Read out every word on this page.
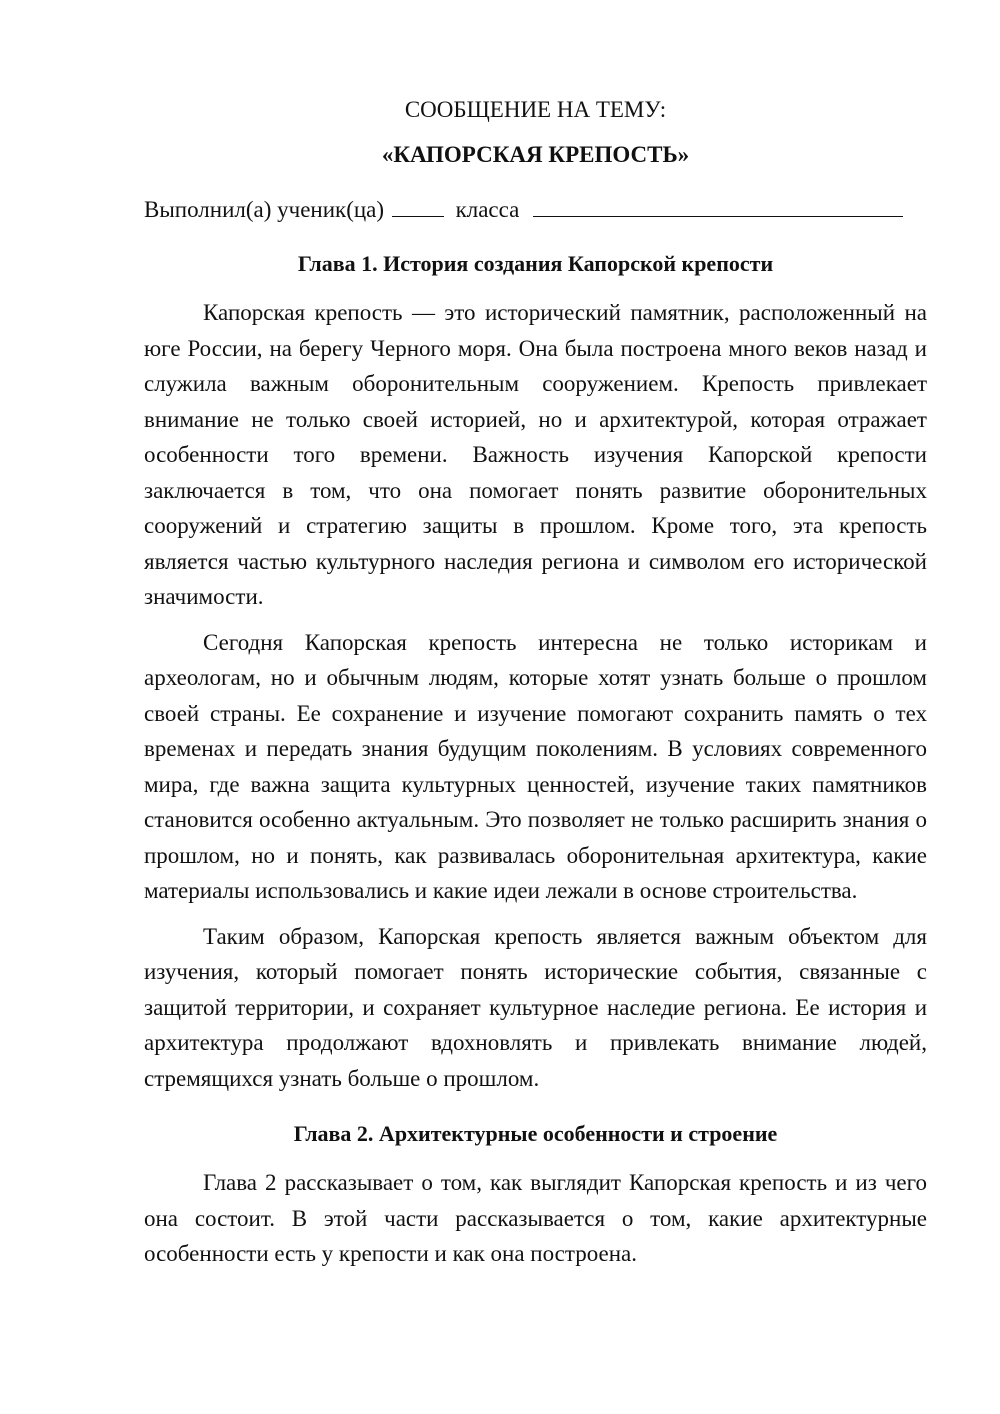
СООБЩЕНИЕ НА ТЕМУ:
«КАПОРСКАЯ КРЕПОСТЬ»
Выполнил(а) ученик(ца)	класса
Глава 1. История создания Капорской крепости

Капорская крепость — это исторический памятник, расположенный на юге России, на берегу Черного моря. Она была построена много веков назад и служила важным оборонительным сооружением. Крепость привлекает внимание не только своей историей, но и архитектурой, которая отражает особенности того времени. Важность изучения Капорской крепости заключается в том, что она помогает понять развитие оборонительных сооружений и стратегию защиты в прошлом. Кроме того, эта крепость является частью культурного наследия региона и символом его исторической значимости.

Сегодня Капорская крепость интересна не только историкам и археологам, но и обычным людям, которые хотят узнать больше о прошлом своей страны. Ее сохранение и изучение помогают сохранить память о тех временах и передать знания будущим поколениям. В условиях современного мира, где важна защита культурных ценностей, изучение таких памятников становится особенно актуальным. Это позволяет не только расширить знания о прошлом, но и понять, как развивалась оборонительная архитектура, какие материалы использовались и какие идеи лежали в основе строительства.

Таким образом, Капорская крепость является важным объектом для изучения, который помогает понять исторические события, связанные с защитой территории, и сохраняет культурное наследие региона. Ее история и архитектура продолжают вдохновлять и привлекать внимание людей, стремящихся узнать больше о прошлом.

Глава 2. Архитектурные особенности и строение

Глава 2 рассказывает о том, как выглядит Капорская крепость и из чего она состоит. В этой части рассказывается о том, какие архитектурные особенности есть у крепости и как она построена.
